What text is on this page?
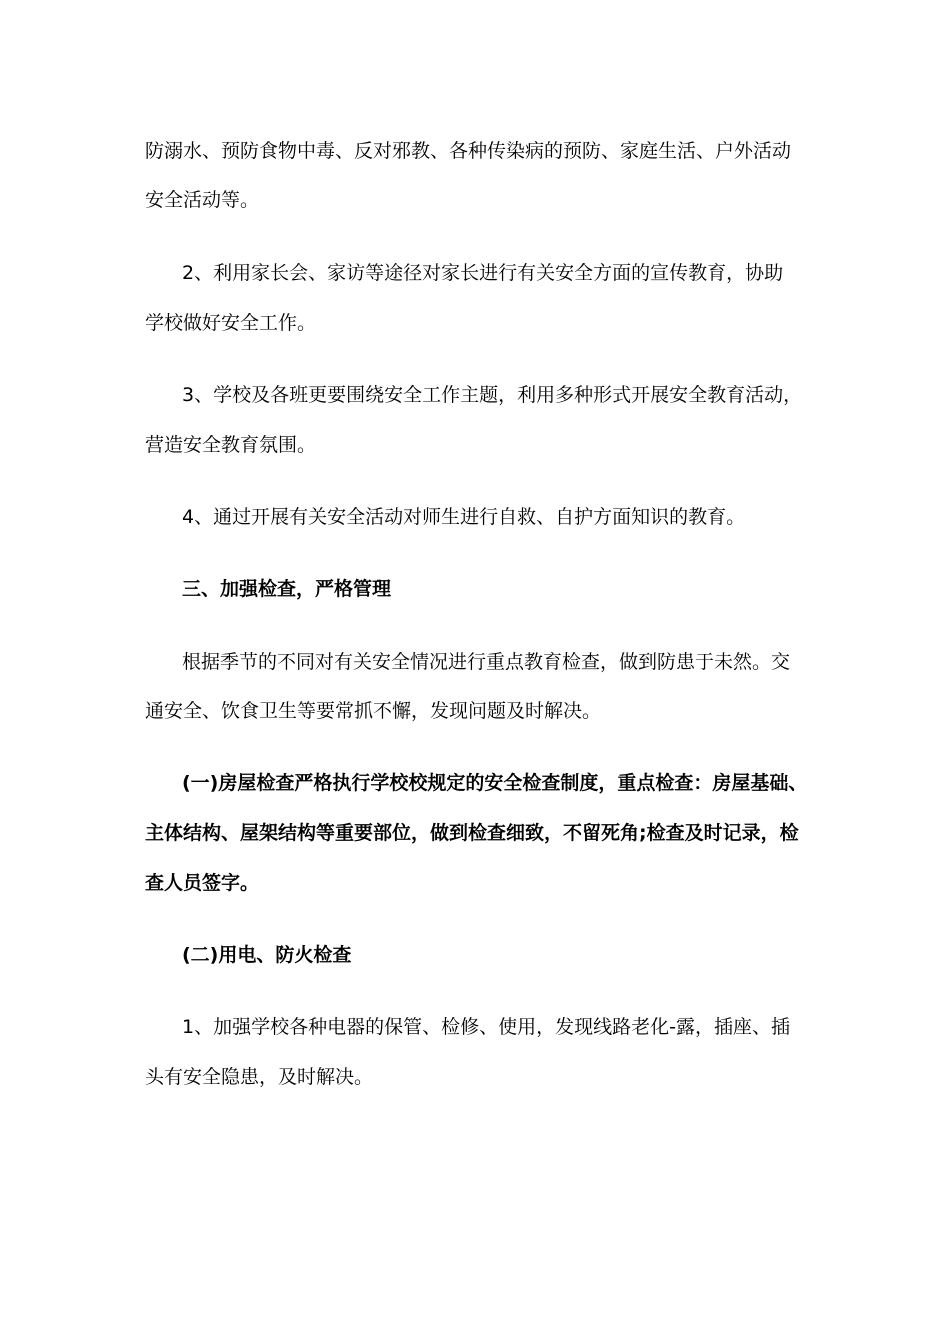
防溺水、预防食物中毒、反对邪教、各种传染病的预防、家庭生活、户外活动
安全活动等。
2、利用家长会、家访等途径对家长进行有关安全方面的宣传教育，协助
学校做好安全工作。
3、学校及各班更要围绕安全工作主题，利用多种形式开展安全教育活动，
营造安全教育氛围。
4、通过开展有关安全活动对师生进行自救、自护方面知识的教育。
三、加强检查，严格管理
根据季节的不同对有关安全情况进行重点教育检查，做到防患于未然。交
通安全、饮食卫生等要常抓不懈，发现问题及时解决。
(一)房屋检查严格执行学校校规定的安全检查制度，重点检查：房屋基础、
主体结构、屋架结构等重要部位，做到检查细致，不留死角;检查及时记录，检
查人员签字。
(二)用电、防火检查
1、加强学校各种电器的保管、检修、使用，发现线路老化-露，插座、插
头有安全隐患，及时解决。
